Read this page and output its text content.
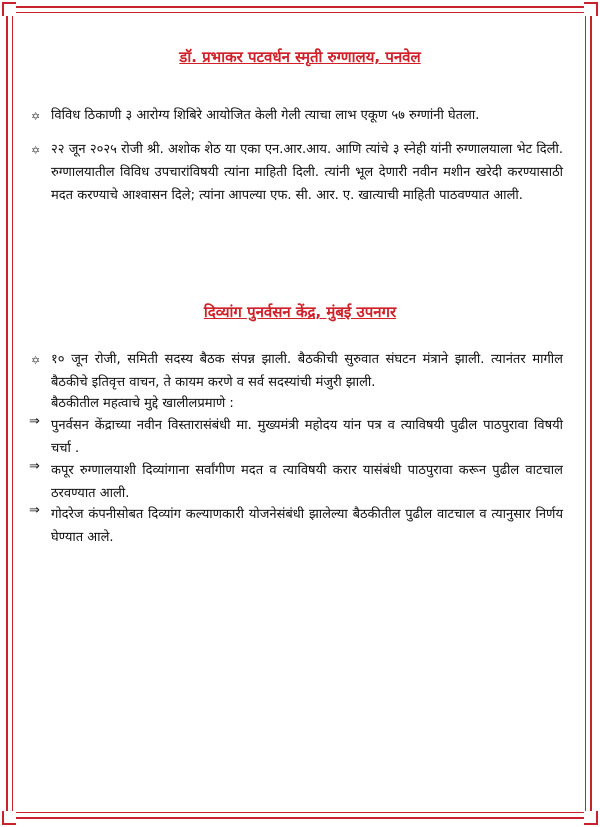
डॉ. प्रभाकर पटवर्धन स्मृती रुग्णालय, पनवेल
✡ विविध ठिकाणी ३ आरोग्य शिबिरे आयोजित केली गेली त्याचा लाभ एकूण ५७ रुग्णांनी घेतला.
✡ २२ जून २०२५ रोजी श्री. अशोक शेठ या एका एन.आर.आय. आणि त्यांचे ३ स्नेही यांनी रुग्णालयाला भेट दिली. रुग्णालयातील विविध उपचारांविषयी त्यांना माहिती दिली. त्यांनी भूल देणारी नवीन मशीन खरेदी करण्यासाठी मदत करण्याचे आश्वासन दिले; त्यांना आपल्या एफ. सी. आर. ए. खात्याची माहिती पाठवण्यात आली.
दिव्यांग पुनर्वसन केंद्र, मुंबई उपनगर
✡ १० जून रोजी, समिती सदस्य बैठक संपन्न झाली. बैठकीची सुरुवात संघटन मंत्राने झाली. त्यानंतर मागील बैठकीचे इतिवृत्त वाचन, ते कायम करणे व सर्व सदस्यांची मंजुरी झाली.
बैठकीतील महत्वाचे मुद्दे खालीलप्रमाणे :
⇒ पुनर्वसन केंद्राच्या नवीन विस्तारासंबंधी मा. मुख्यमंत्री महोदय यांन पत्र व त्याविषयी पुढील पाठपुरावा विषयी चर्चा .
⇒ कपूर रुग्णालयाशी दिव्यांगाना सर्वांगीण मदत व त्याविषयी करार यासंबंधी पाठपुरावा करून पुढील वाटचाल ठरवण्यात आली.
⇒ गोदरेज कंपनीसोबत दिव्यांग कल्याणकारी योजनेसंबंधी झालेल्या बैठकीतील पुढील वाटचाल व त्यानुसार निर्णय घेण्यात आले.
